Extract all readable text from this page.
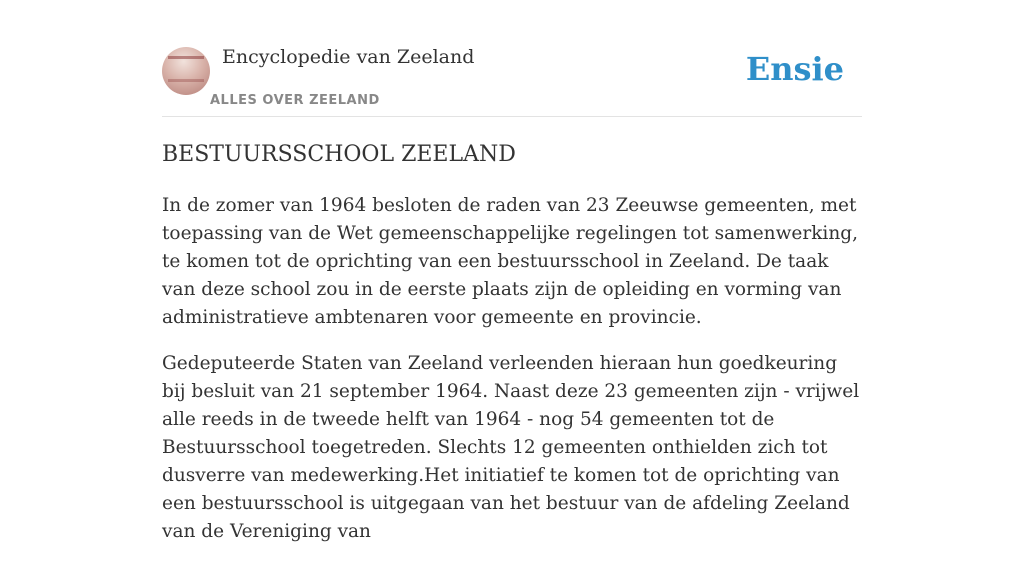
Encyclopedie van Zeeland
ALLES OVER ZEELAND
Ensie
BESTUURSSCHOOL ZEELAND

In de zomer van 1964 besloten de raden van 23 Zeeuwse gemeenten, met toepassing van de Wet gemeenschappelijke regelingen tot samenwerking, te komen tot de oprichting van een bestuursschool in Zeeland. De taak van deze school zou in de eerste plaats zijn de opleiding en vorming van administratieve ambtenaren voor gemeente en provincie.

Gedeputeerde Staten van Zeeland verleenden hieraan hun goedkeuring bij besluit van 21 september 1964. Naast deze 23 gemeenten zijn - vrijwel alle reeds in de tweede helft van 1964 - nog 54 gemeenten tot de Bestuursschool toegetreden. Slechts 12 gemeenten onthielden zich tot dusverre van medewerking.Het initiatief te komen tot de oprichting van een bestuursschool is uitgegaan van het bestuur van de afdeling Zeeland van de Vereniging van
